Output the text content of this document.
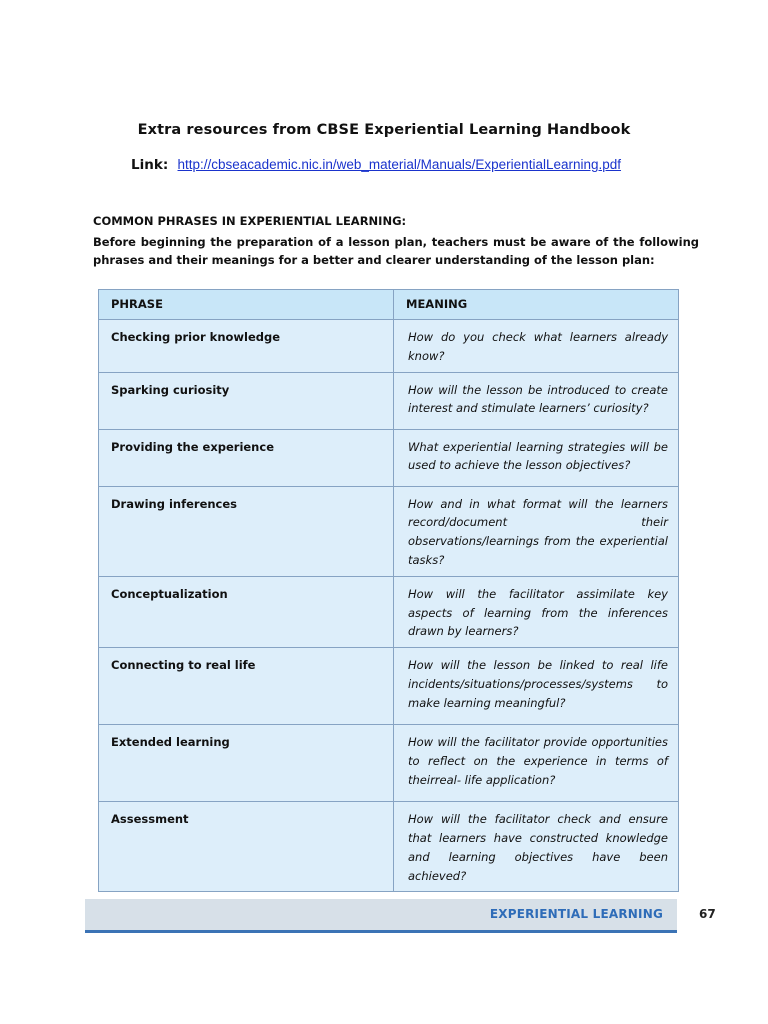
Extra resources from CBSE Experiential Learning Handbook
Link: http://cbseacademic.nic.in/web_material/Manuals/ExperientialLearning.pdf
COMMON PHRASES IN EXPERIENTIAL LEARNING:
Before beginning the preparation of a lesson plan, teachers must be aware of the following phrases and their meanings for a better and clearer understanding of the lesson plan:
PHRASE	MEANING
Checking prior knowledge	How do you check what learners already know?
Sparking curiosity	How will the lesson be introduced to create interest and stimulate learners’ curiosity?
Providing the experience	What experiential learning strategies will be used to achieve the lesson objectives?
Drawing inferences	How and in what format will the learners record/document their observations/learnings from the experiential tasks?
Conceptualization	How will the facilitator assimilate key aspects of learning from the inferences drawn by learners?
Connecting to real life	How will the lesson be linked to real life incidents/situations/processes/systems to make learning meaningful?
Extended learning	How will the facilitator provide opportunities to reflect on the experience in terms of theirreal- life application?
Assessment	How will the facilitator check and ensure that learners have constructed knowledge and learning objectives have been achieved?
EXPERIENTIAL LEARNING	67
